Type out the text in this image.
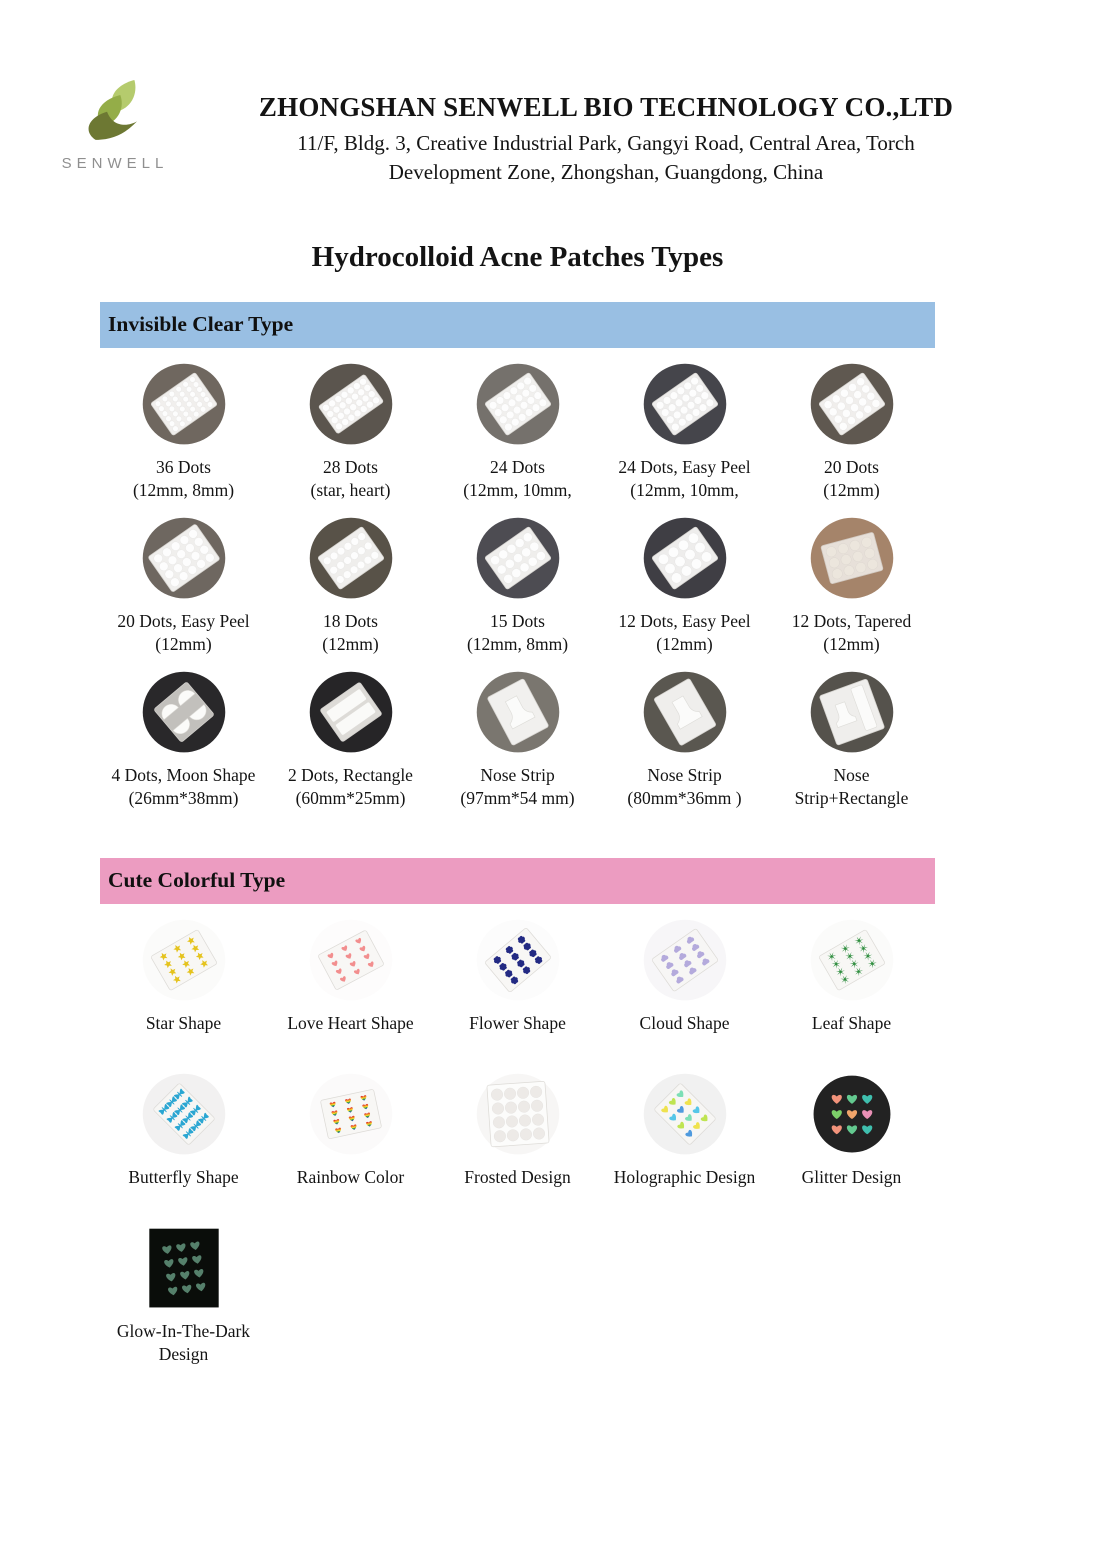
SENWELL
ZHONGSHAN SENWELL BIO TECHNOLOGY CO.,LTD
11/F, Bldg. 3, Creative Industrial Park, Gangyi Road, Central Area, Torch
Development Zone, Zhongshan, Guangdong, China
Hydrocolloid Acne Patches Types
Invisible Clear Type
36 Dots
(12mm, 8mm)
28 Dots
(star, heart)
24 Dots
(12mm, 10mm,
24 Dots, Easy Peel
(12mm, 10mm,
20 Dots
(12mm)
20 Dots, Easy Peel
(12mm)
18 Dots
(12mm)
15 Dots
(12mm, 8mm)
12 Dots, Easy Peel
(12mm)
12 Dots, Tapered
(12mm)
4 Dots, Moon Shape
(26mm*38mm)
2 Dots, Rectangle
(60mm*25mm)
Nose Strip
(97mm*54 mm)
Nose Strip
(80mm*36mm )
Nose
Strip+Rectangle
Cute Colorful Type
Star Shape	Love Heart Shape	Flower Shape	Cloud Shape	Leaf Shape
Butterfly Shape	Rainbow Color	Frosted Design Holographic Design	Glitter Design
Glow-In-The-Dark
Design
